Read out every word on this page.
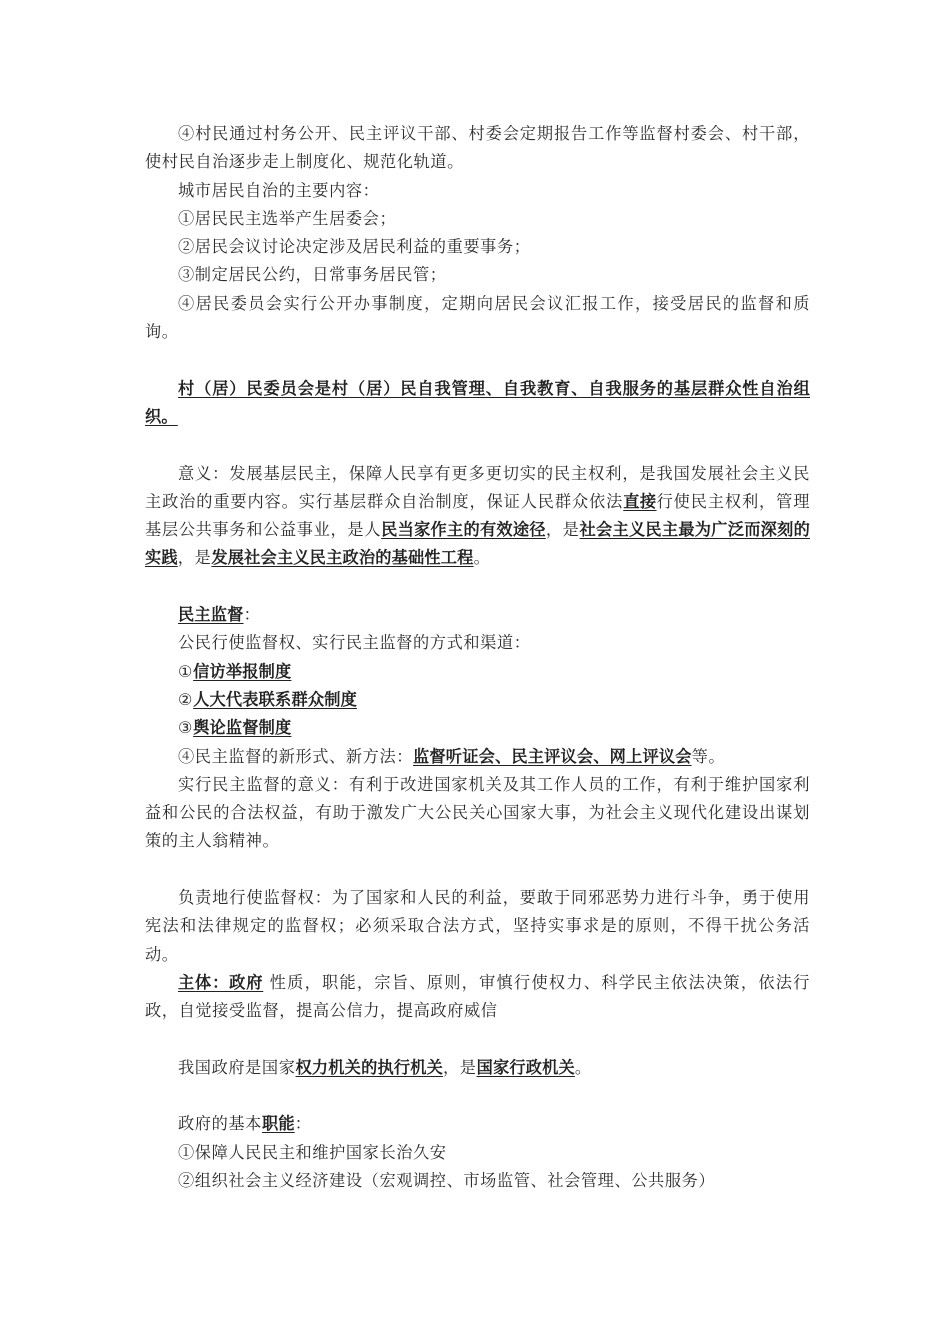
④村民通过村务公开、民主评议干部、村委会定期报告工作等监督村委会、村干部，使村民自治逐步走上制度化、规范化轨道。

城市居民自治的主要内容：

①居民民主选举产生居委会；

②居民会议讨论决定涉及居民利益的重要事务；

③制定居民公约，日常事务居民管；

④居民委员会实行公开办事制度，定期向居民会议汇报工作，接受居民的监督和质询。

村（居）民委员会是村（居）民自我管理、自我教育、自我服务的基层群众性自治组织。

意义：发展基层民主，保障人民享有更多更切实的民主权利，是我国发展社会主义民主政治的重要内容。实行基层群众自治制度，保证人民群众依法直接行使民主权利，管理基层公共事务和公益事业，是人民当家作主的有效途径，是社会主义民主最为广泛而深刻的实践，是发展社会主义民主政治的基础性工程。

民主监督：

公民行使监督权、实行民主监督的方式和渠道：

①信访举报制度

②人大代表联系群众制度

③舆论监督制度

④民主监督的新形式、新方法：监督听证会、民主评议会、网上评议会等。

实行民主监督的意义：有利于改进国家机关及其工作人员的工作，有利于维护国家利益和公民的合法权益，有助于激发广大公民关心国家大事，为社会主义现代化建设出谋划策的主人翁精神。

负责地行使监督权：为了国家和人民的利益，要敢于同邪恶势力进行斗争，勇于使用宪法和法律规定的监督权；必须采取合法方式，坚持实事求是的原则，不得干扰公务活动。

主体：政府 性质，职能，宗旨、原则，审慎行使权力、科学民主依法决策，依法行政，自觉接受监督，提高公信力，提高政府威信

我国政府是国家权力机关的执行机关，是国家行政机关。

政府的基本职能：

①保障人民民主和维护国家长治久安

②组织社会主义经济建设（宏观调控、市场监管、社会管理、公共服务）
